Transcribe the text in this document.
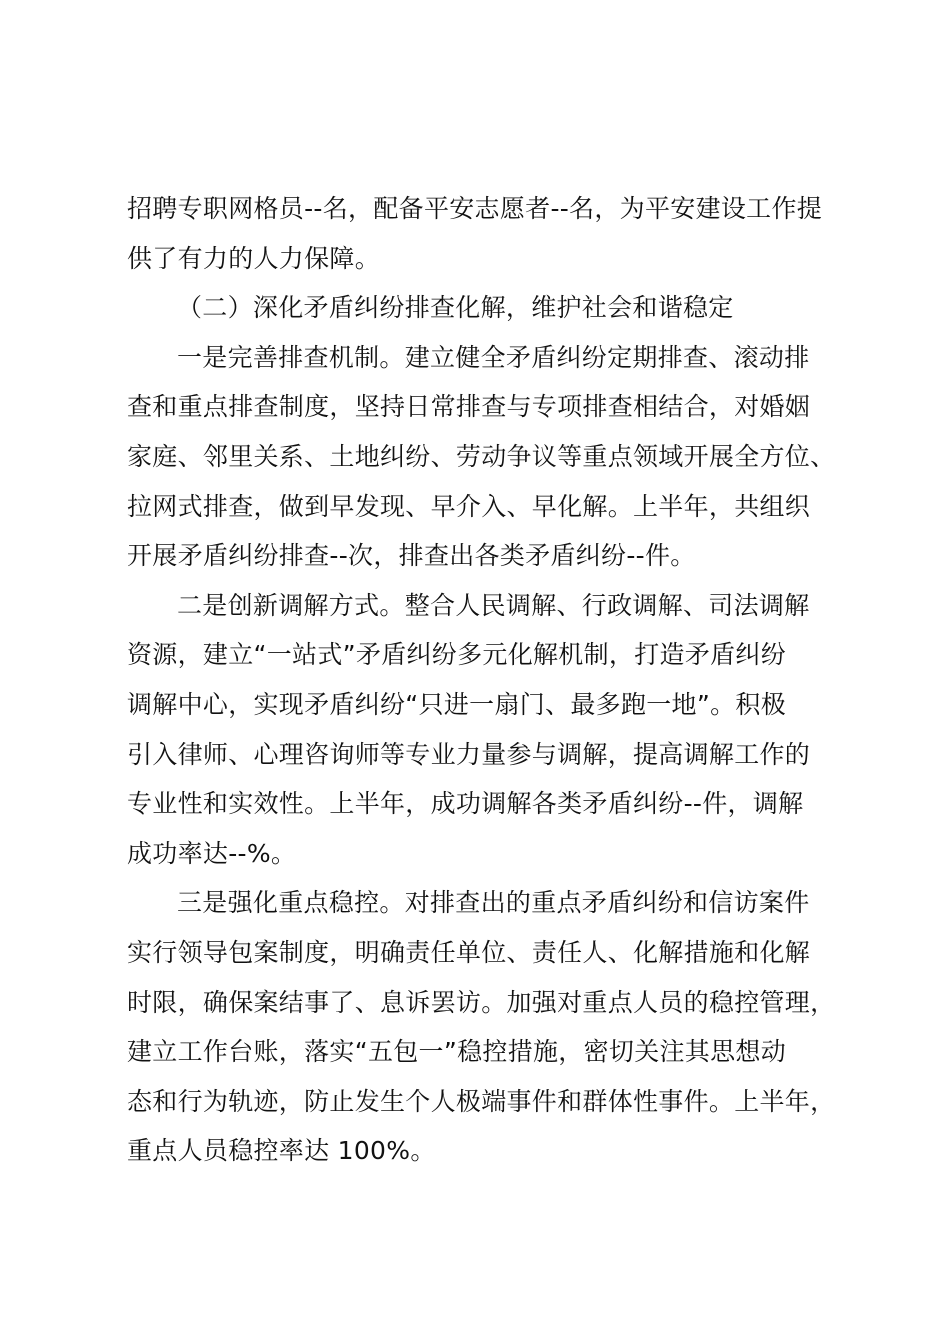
招聘专职网格员--名，配备平安志愿者--名，为平安建设工作提
供了有力的人力保障。
（二）深化矛盾纠纷排查化解，维护社会和谐稳定
一是完善排查机制。建立健全矛盾纠纷定期排查、滚动排
查和重点排查制度，坚持日常排查与专项排查相结合，对婚姻
家庭、邻里关系、土地纠纷、劳动争议等重点领域开展全方位、
拉网式排查，做到早发现、早介入、早化解。上半年，共组织
开展矛盾纠纷排查--次，排查出各类矛盾纠纷--件。
二是创新调解方式。整合人民调解、行政调解、司法调解
资源，建立“一站式”矛盾纠纷多元化解机制，打造矛盾纠纷
调解中心，实现矛盾纠纷“只进一扇门、最多跑一地”。积极
引入律师、心理咨询师等专业力量参与调解，提高调解工作的
专业性和实效性。上半年，成功调解各类矛盾纠纷--件，调解
成功率达--%。
三是强化重点稳控。对排查出的重点矛盾纠纷和信访案件
实行领导包案制度，明确责任单位、责任人、化解措施和化解
时限，确保案结事了、息诉罢访。加强对重点人员的稳控管理，
建立工作台账，落实“五包一”稳控措施，密切关注其思想动
态和行为轨迹，防止发生个人极端事件和群体性事件。上半年，
重点人员稳控率达 100%。
